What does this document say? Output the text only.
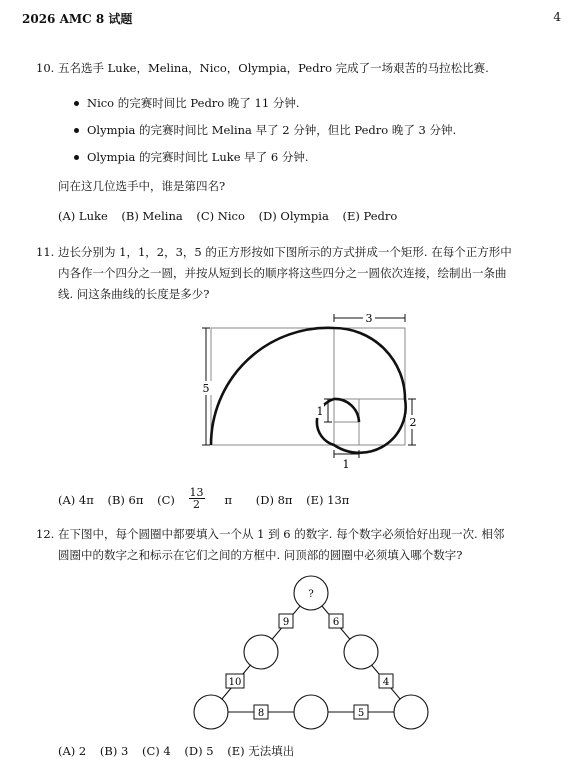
2026 AMC 8 试题	4
10. 五名选手 Luke，Melina，Nico，Olympia，Pedro 完成了一场艰苦的马拉松比赛.
Nico 的完赛时间比 Pedro 晚了 11 分钟.
Olympia 的完赛时间比 Melina 早了 2 分钟，但比 Pedro 晚了 3 分钟.
Olympia 的完赛时间比 Luke 早了 6 分钟.
问在这几位选手中，谁是第四名?
(A) Luke (B) Melina (C) Nico (D) Olympia (E) Pedro
11. 边长分别为 1，1，2，3，5 的正方形按如下图所示的方式拼成一个矩形. 在每个正方形中
内各作一个四分之一圆，并按从短到长的顺序将这些四分之一圆依次连接，绘制出一条曲
线. 问这条曲线的长度是多少?
3
5
2
1
1
(A) 4π (B) 6π $(C) \frac{13}{2}$ π (D) 8π (E) 13π
12. 在下图中，每个圆圈中都要填入一个从 1 到 6 的数字. 每个数字必须恰好出现一次. 相邻
圆圈中的数字之和标示在它们之间的方框中. 问顶部的圆圈中必须填入哪个数字?
?
9	6
10	4
8	5
(A) 2 (B) 3 (C) 4 (D) 5 (E) 无法填出
